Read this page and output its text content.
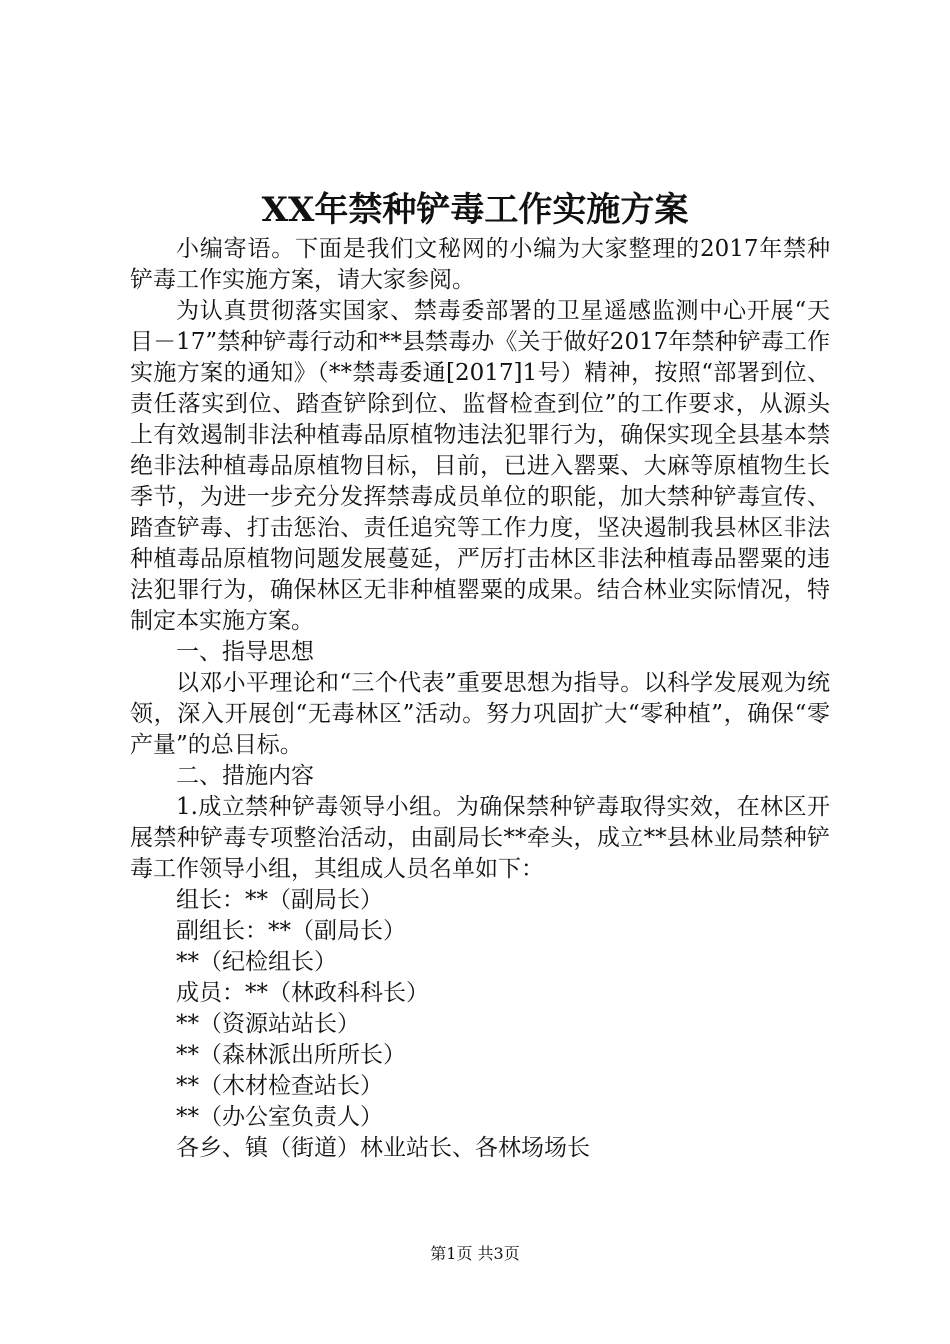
XX年禁种铲毒工作实施方案

小编寄语。下面是我们文秘网的小编为大家整理的2017年禁种铲毒工作实施方案，请大家参阅。

为认真贯彻落实国家、禁毒委部署的卫星遥感监测中心开展“天目－17”禁种铲毒行动和**县禁毒办《关于做好2017年禁种铲毒工作实施方案的通知》（**禁毒委通[2017]1号）精神，按照“部署到位、责任落实到位、踏查铲除到位、监督检查到位”的工作要求，从源头上有效遏制非法种植毒品原植物违法犯罪行为，确保实现全县基本禁绝非法种植毒品原植物目标，目前，已进入罂粟、大麻等原植物生长季节，为进一步充分发挥禁毒成员单位的职能，加大禁种铲毒宣传、踏查铲毒、打击惩治、责任追究等工作力度，坚决遏制我县林区非法种植毒品原植物问题发展蔓延，严厉打击林区非法种植毒品罂粟的违法犯罪行为，确保林区无非种植罂粟的成果。结合林业实际情况，特制定本实施方案。

一、指导思想

以邓小平理论和“三个代表”重要思想为指导。以科学发展观为统领，深入开展创“无毒林区”活动。努力巩固扩大“零种植”，确保“零产量”的总目标。

二、措施内容

1.成立禁种铲毒领导小组。为确保禁种铲毒取得实效，在林区开展禁种铲毒专项整治活动，由副局长**牵头，成立**县林业局禁种铲毒工作领导小组，其组成人员名单如下：

组长：**（副局长）

副组长：**（副局长）

**（纪检组长）

成员：**（林政科科长）

**（资源站站长）

**（森林派出所所长）

**（木材检查站长）

**（办公室负责人）

各乡、镇（街道）林业站长、各林场场长

第1页 共3页
